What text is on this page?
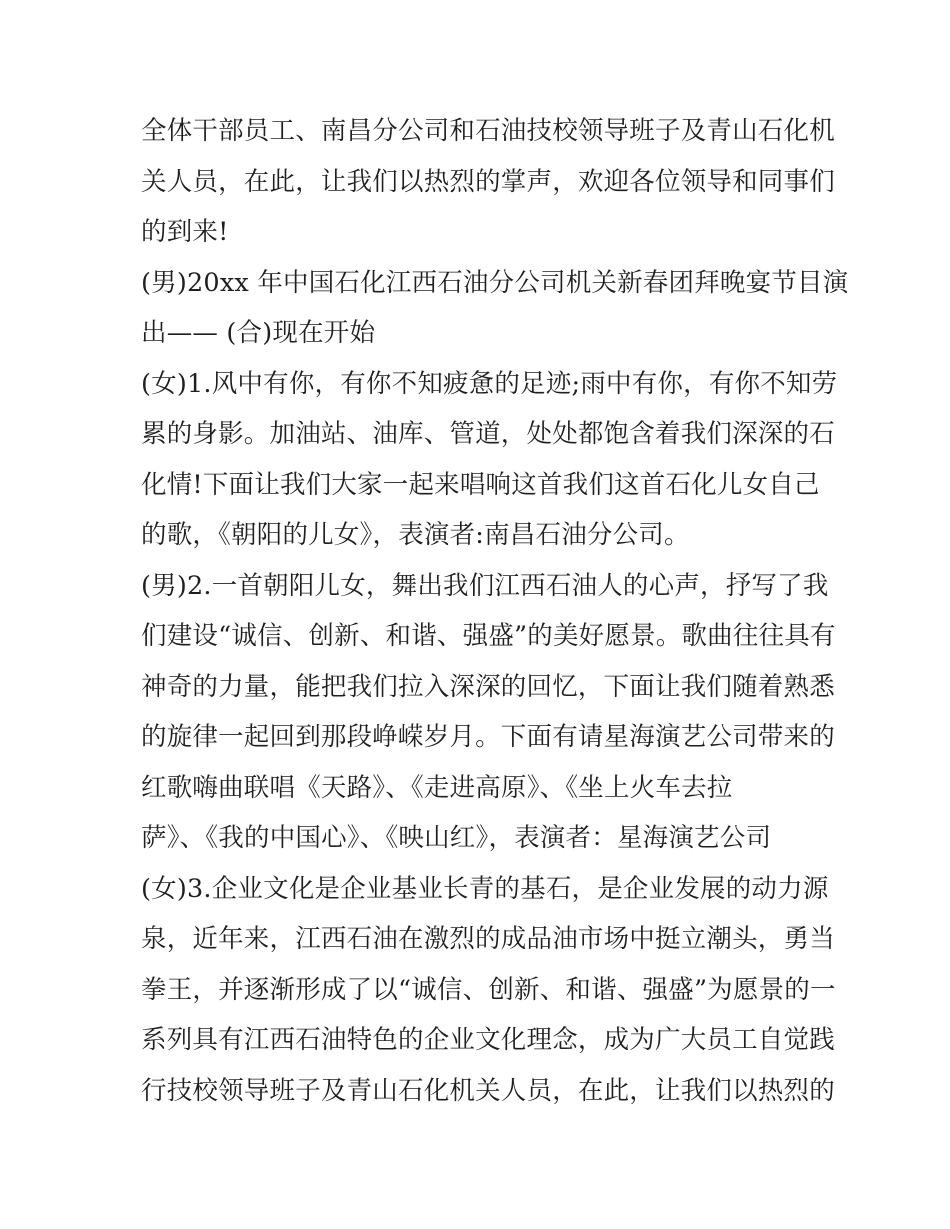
全体干部员工、南昌分公司和石油技校领导班子及青山石化机
关人员，在此，让我们以热烈的掌声，欢迎各位领导和同事们
的到来!
(男)20xx 年中国石化江西石油分公司机关新春团拜晚宴节目演
出—— (合)现在开始
(女)1.风中有你，有你不知疲惫的足迹;雨中有你，有你不知劳
累的身影。加油站、油库、管道，处处都饱含着我们深深的石
化情!下面让我们大家一起来唱响这首我们这首石化儿女自己
的歌，《朝阳的儿女》，表演者:南昌石油分公司。
(男)2.一首朝阳儿女，舞出我们江西石油人的心声，抒写了我
们建设“诚信、创新、和谐、强盛”的美好愿景。歌曲往往具有
神奇的力量，能把我们拉入深深的回忆，下面让我们随着熟悉
的旋律一起回到那段峥嵘岁月。下面有请星海演艺公司带来的
红歌嗨曲联唱《天路》、《走进高原》、《坐上火车去拉
萨》、《我的中国心》、《映山红》，表演者：星海演艺公司
(女)3.企业文化是企业基业长青的基石，是企业发展的动力源
泉，近年来，江西石油在激烈的成品油市场中挺立潮头，勇当
拳王，并逐渐形成了以“诚信、创新、和谐、强盛”为愿景的一
系列具有江西石油特色的企业文化理念，成为广大员工自觉践
行技校领导班子及青山石化机关人员，在此，让我们以热烈的
